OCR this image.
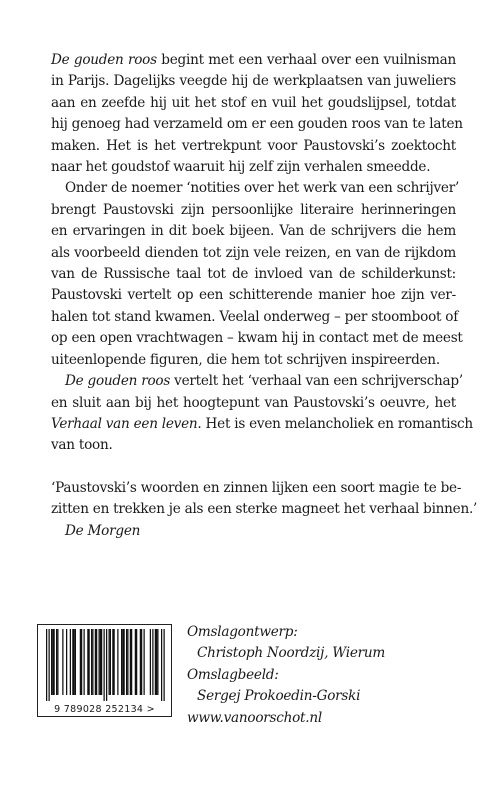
De gouden roos begint met een verhaal over een vuilnisman
in Parijs. Dagelijks veegde hij de werkplaatsen van juweliers
aan en zeefde hij uit het stof en vuil het goudslijpsel, totdat
hij genoeg had verzameld om er een gouden roos van te laten
maken. Het is het vertrekpunt voor Paustovski’s zoektocht
naar het goudstof waaruit hij zelf zijn verhalen smeedde.
Onder de noemer ‘notities over het werk van een schrijver’
brengt Paustovski zijn persoonlijke literaire herinneringen
en ervaringen in dit boek bijeen. Van de schrijvers die hem
als voorbeeld dienden tot zijn vele reizen, en van de rijkdom
van de Russische taal tot de invloed van de schilderkunst:
Paustovski vertelt op een schitterende manier hoe zijn ver-
halen tot stand kwamen. Veelal onderweg – per stoomboot of
op een open vrachtwagen – kwam hij in contact met de meest
uiteenlopende figuren, die hem tot schrijven inspireerden.
De gouden roos vertelt het ‘verhaal van een schrijverschap’
en sluit aan bij het hoogtepunt van Paustovski’s oeuvre, het
Verhaal van een leven. Het is even melancholiek en romantisch
van toon.
‘Paustovski’s woorden en zinnen lijken een soort magie te be-
zitten en trekken je als een sterke magneet het verhaal binnen.’
De Morgen
9 789028 252134 >
Omslagontwerp:
Christoph Noordzij, Wierum
Omslagbeeld:
Sergej Prokoedin-Gorski
www.vanoorschot.nl
